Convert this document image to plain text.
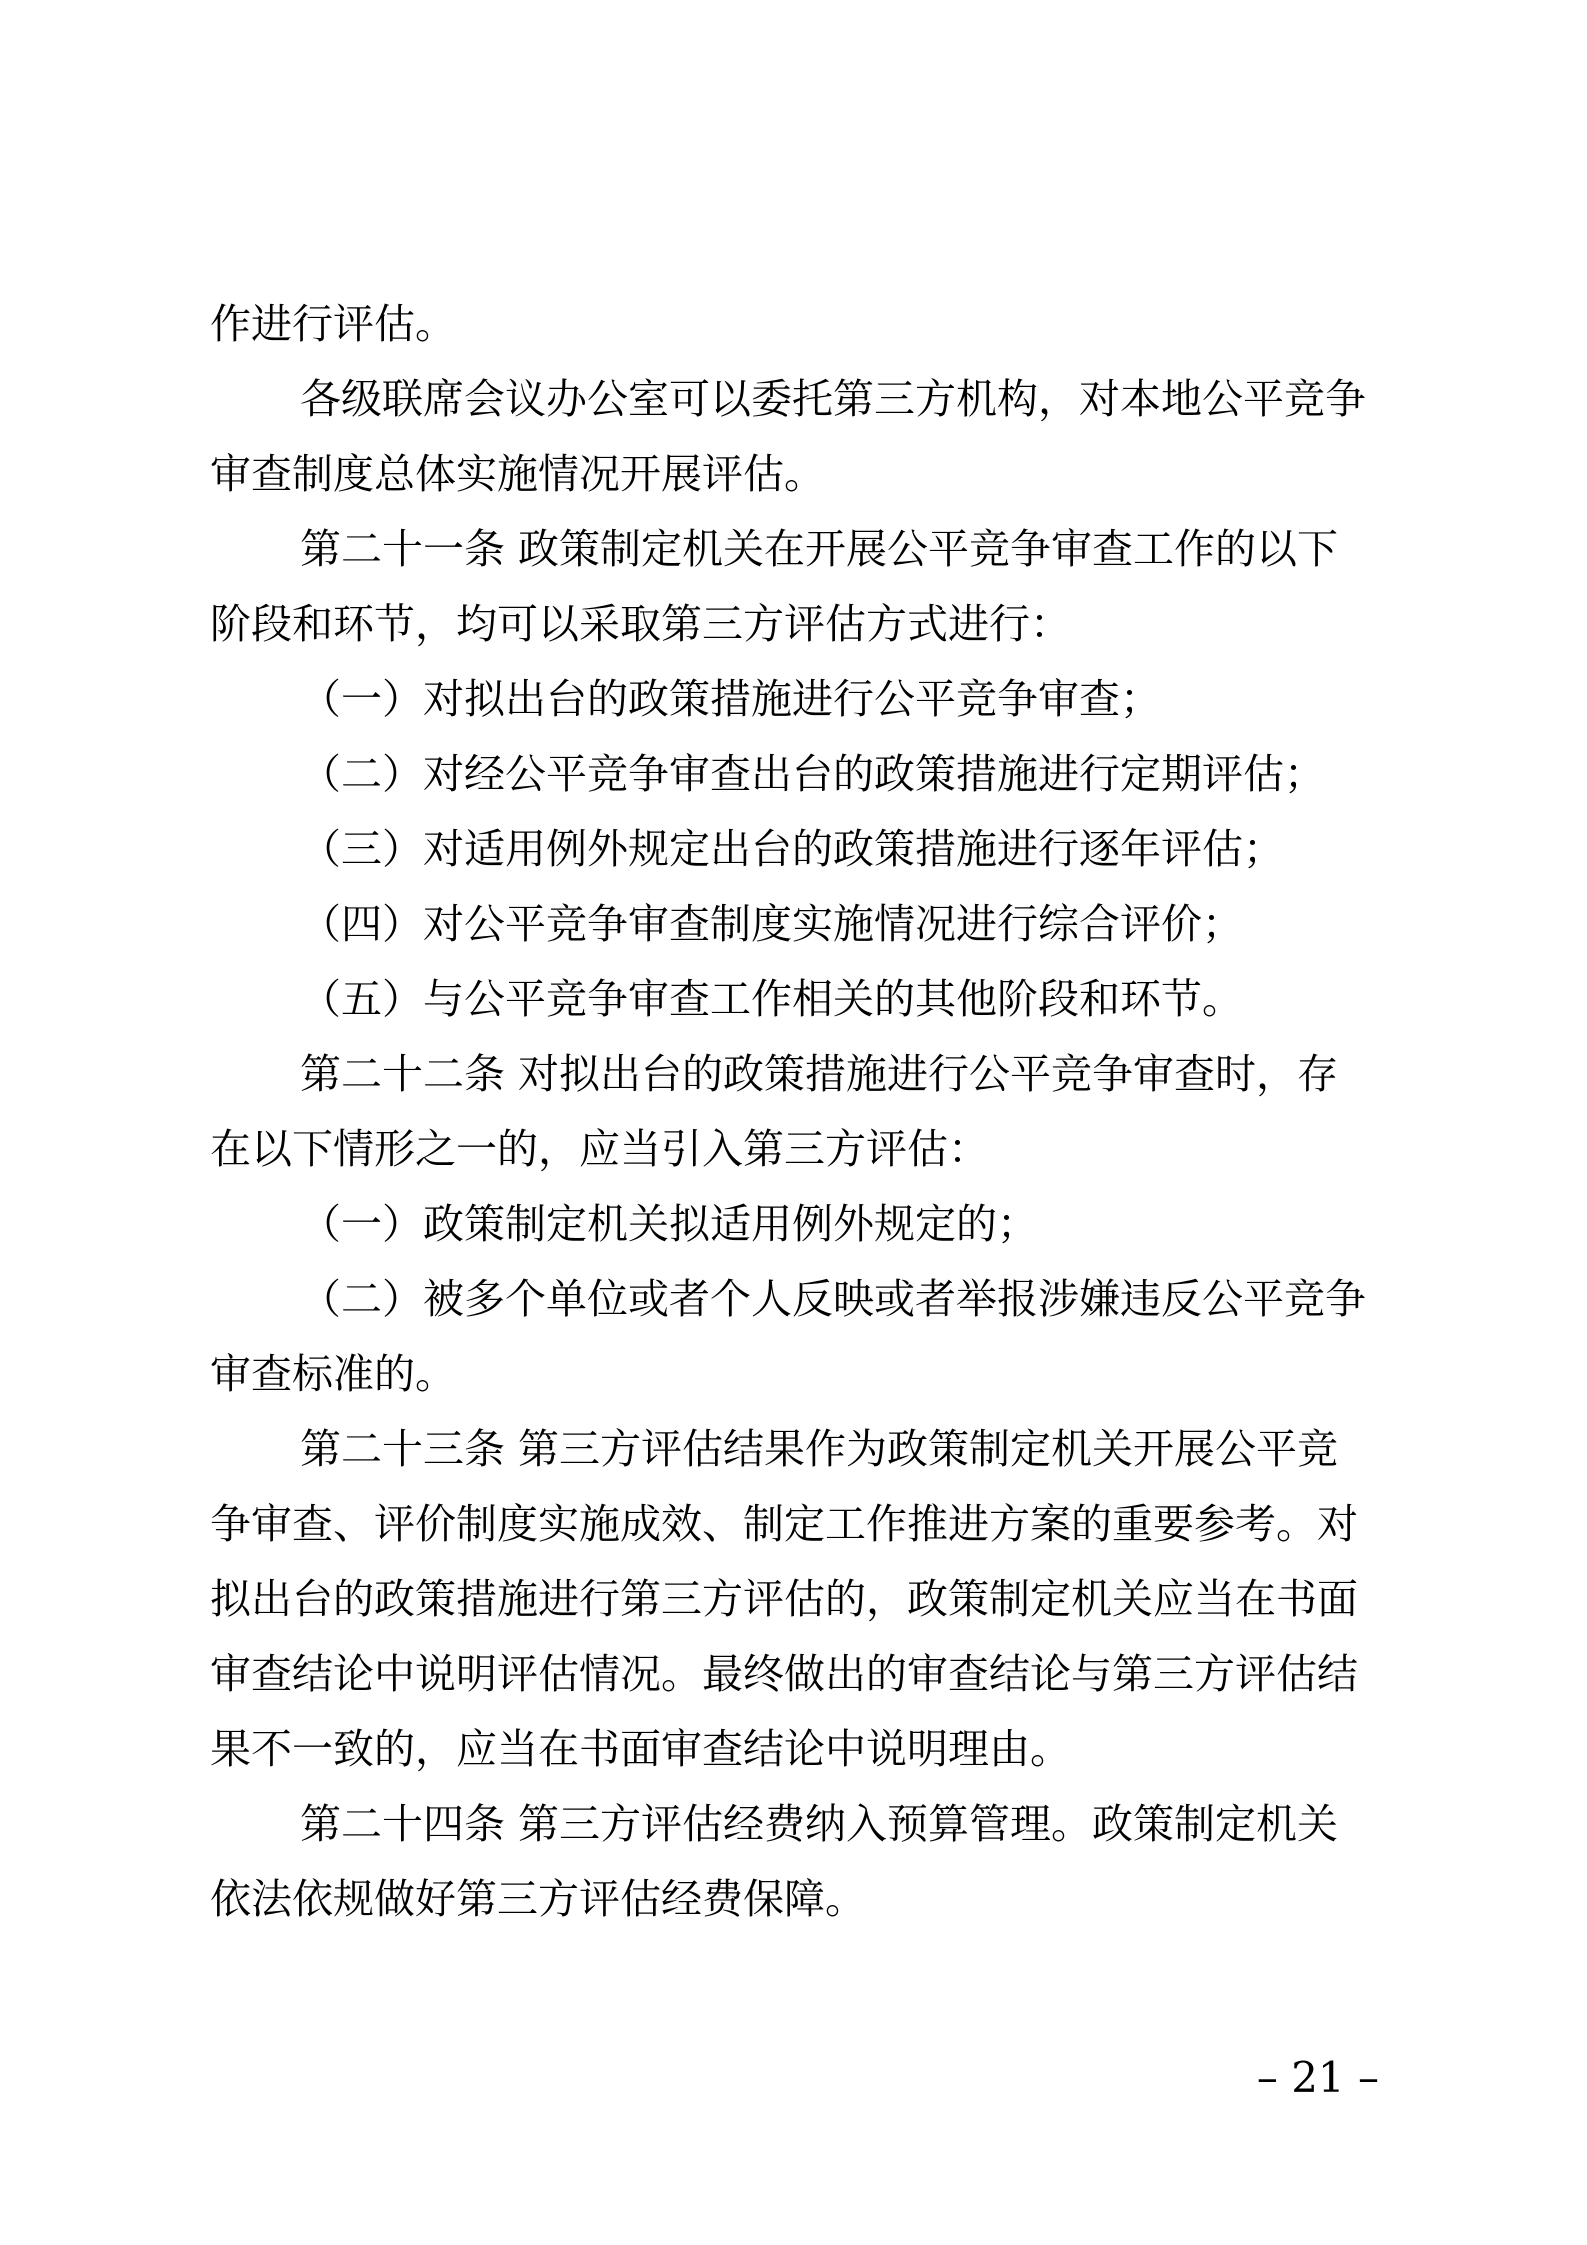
作进行评估。
各级联席会议办公室可以委托第三方机构，对本地公平竞争
审查制度总体实施情况开展评估。
第二十一条 政策制定机关在开展公平竞争审查工作的以下
阶段和环节，均可以采取第三方评估方式进行：
（一）对拟出台的政策措施进行公平竞争审查；
（二）对经公平竞争审查出台的政策措施进行定期评估；
（三）对适用例外规定出台的政策措施进行逐年评估；
（四）对公平竞争审查制度实施情况进行综合评价；
（五）与公平竞争审查工作相关的其他阶段和环节。
第二十二条 对拟出台的政策措施进行公平竞争审查时，存
在以下情形之一的，应当引入第三方评估：
（一）政策制定机关拟适用例外规定的；
（二）被多个单位或者个人反映或者举报涉嫌违反公平竞争
审查标准的。
第二十三条 第三方评估结果作为政策制定机关开展公平竞
争审查、评价制度实施成效、制定工作推进方案的重要参考。对
拟出台的政策措施进行第三方评估的，政策制定机关应当在书面
审查结论中说明评估情况。最终做出的审查结论与第三方评估结
果不一致的，应当在书面审查结论中说明理由。
第二十四条 第三方评估经费纳入预算管理。政策制定机关
依法依规做好第三方评估经费保障。
– 21 –
